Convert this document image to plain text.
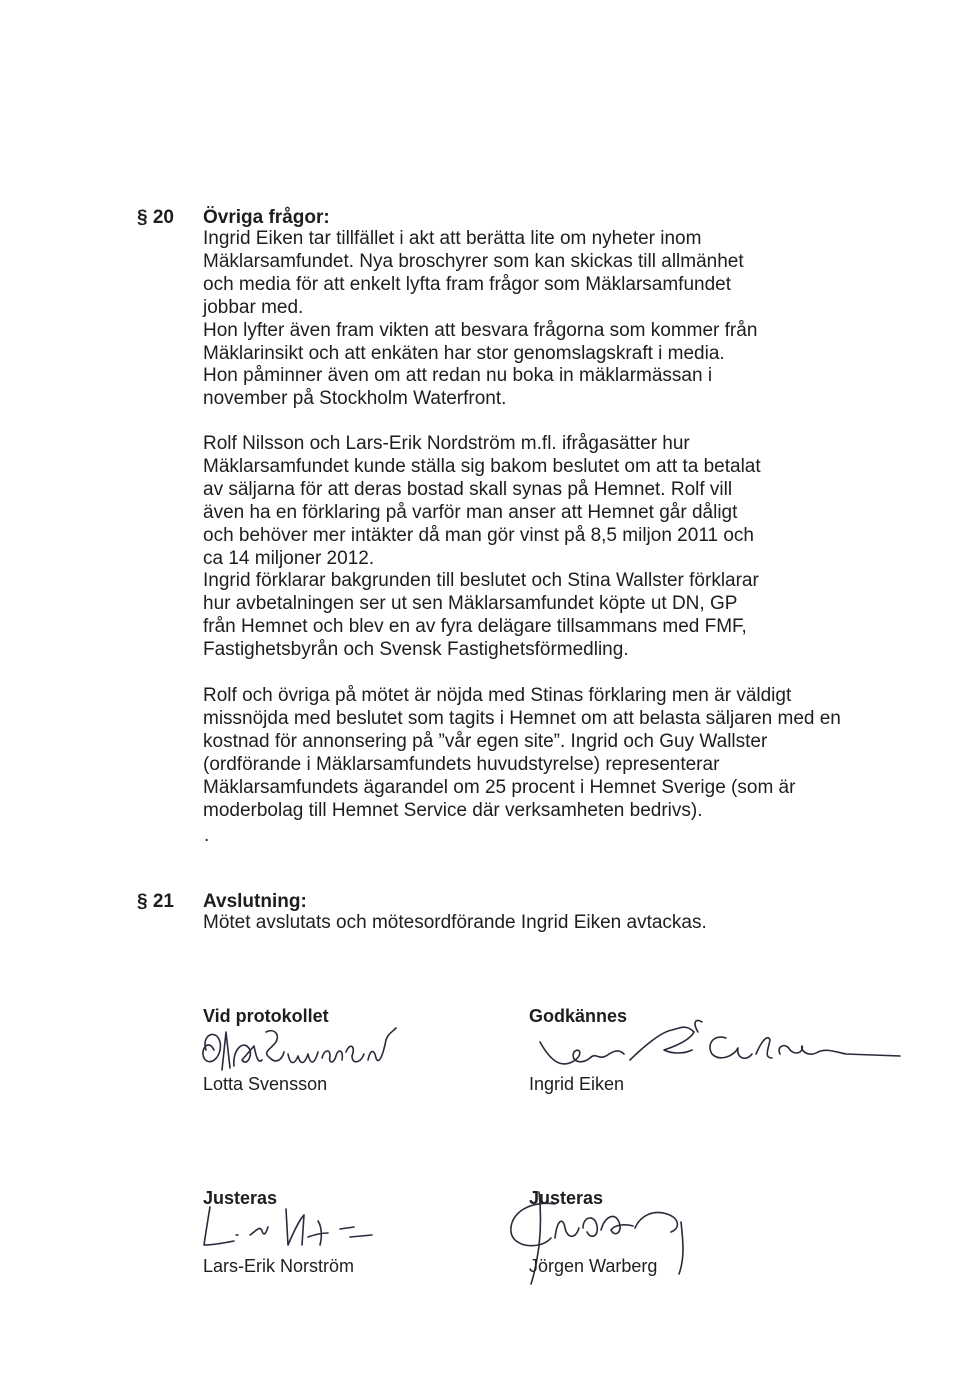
§ 20 Övriga frågor:
Ingrid Eiken tar tillfället i akt att berätta lite om nyheter inom
Mäklarsamfundet. Nya broschyrer som kan skickas till allmänhet
och media för att enkelt lyfta fram frågor som Mäklarsamfundet
jobbar med.
Hon lyfter även fram vikten att besvara frågorna som kommer från
Mäklarinsikt och att enkäten har stor genomslagskraft i media.
Hon påminner även om att redan nu boka in mäklarmässan i
november på Stockholm Waterfront.
Rolf Nilsson och Lars-Erik Nordström m.fl. ifrågasätter hur
Mäklarsamfundet kunde ställa sig bakom beslutet om att ta betalat
av säljarna för att deras bostad skall synas på Hemnet. Rolf vill
även ha en förklaring på varför man anser att Hemnet går dåligt
och behöver mer intäkter då man gör vinst på 8,5 miljon 2011 och
ca 14 miljoner 2012.
Ingrid förklarar bakgrunden till beslutet och Stina Wallster förklarar
hur avbetalningen ser ut sen Mäklarsamfundet köpte ut DN, GP
från Hemnet och blev en av fyra delägare tillsammans med FMF,
Fastighetsbyrån och Svensk Fastighetsförmedling.
Rolf och övriga på mötet är nöjda med Stinas förklaring men är väldigt
missnöjda med beslutet som tagits i Hemnet om att belasta säljaren med en
kostnad för annonsering på ”vår egen site”. Ingrid och Guy Wallster
(ordförande i Mäklarsamfundets huvudstyrelse) representerar
Mäklarsamfundets ägarandel om 25 procent i Hemnet Sverige (som är
moderbolag till Hemnet Service där verksamheten bedrivs).
.
§ 21 Avslutning:
Mötet avslutats och mötesordförande Ingrid Eiken avtackas.
Vid protokollet
Lotta Svensson
Godkännes
Ingrid Eiken
Justeras
Lars-Erik Norström
Justeras
Jörgen Warberg
